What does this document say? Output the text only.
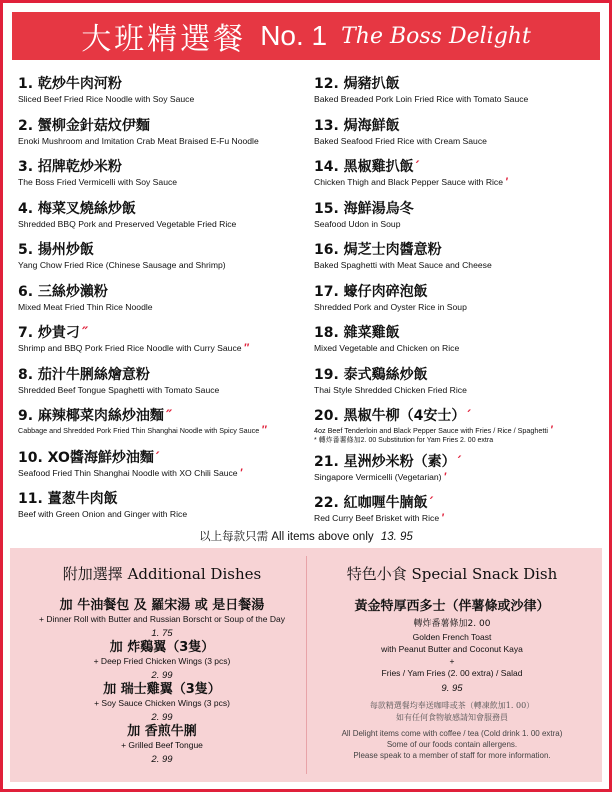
大班精選餐 No. 1 The Boss Delight
1. 乾炒牛肉河粉
Sliced Beef Fried Rice Noodle with Soy Sauce
2. 蟹柳金針菇炆伊麵
Enoki Mushroom and Imitation Crab Meat Braised E-Fu Noodle
3. 招牌乾炒米粉
The Boss Fried Vermicelli with Soy Sauce
4. 梅菜叉燒絲炒飯
Shredded BBQ Pork and Preserved Vegetable Fried Rice
5. 揚州炒飯
Yang Chow Fried Rice (Chinese Sausage and Shrimp)
6. 三絲炒瀨粉
Mixed Meat Fried Thin Rice Noodle
7. 炒貴刁 ″
Shrimp and BBQ Pork Fried Rice Noodle with Curry Sauce ″
8. 茄汁牛脷絲燴意粉
Shredded Beef Tongue Spaghetti with Tomato Sauce
9. 麻辣椰菜肉絲炒油麵 ″
Cabbage and Shredded Pork Fried Thin Shanghai Noodle with Spicy Sauce ″
10. XO醬海鮮炒油麵 ′
Seafood Fried Thin Shanghai Noodle with XO Chili Sauce ′
11. 薑葱牛肉飯
Beef with Green Onion and Ginger with Rice
12. 焗豬扒飯
Baked Breaded Pork Loin Fried Rice with Tomato Sauce
13. 焗海鮮飯
Baked Seafood Fried Rice with Cream Sauce
14. 黑椒雞扒飯 ′
Chicken Thigh and Black Pepper Sauce with Rice ′
15. 海鮮湯烏冬
Seafood Udon in Soup
16. 焗芝士肉醬意粉
Baked Spaghetti with Meat Sauce and Cheese
17. 蠔仔肉碎泡飯
Shredded Pork and Oyster Rice in Soup
18. 雜菜雞飯
Mixed Vegetable and Chicken on Rice
19. 泰式鷄絲炒飯
Thai Style Shredded Chicken Fried Rice
20. 黑椒牛柳（4安士） ′
4oz Beef Tenderloin and Black Pepper Sauce with Fries / Rice / Spaghetti ′
* 轉炸番薯條加2. 00 Substitution for Yam Fries 2. 00 extra
21. 星洲炒米粉（素） ′
Singapore Vermicelli (Vegetarian) ′
22. 紅咖喱牛腩飯 ′
Red Curry Beef Brisket with Rice ′
以上每款只需 All items above only 13. 95
附加選擇 Additional Dishes	特色小食 Special Snack Dish
加 牛油餐包 及 羅宋湯 或 是日餐湯
+ Dinner Roll with Butter and Russian Borscht or Soup of the Day
1. 75
加 炸鷄翼（3隻）
+ Deep Fried Chicken Wings (3 pcs)
2. 99
加 瑞士雞翼（3隻）
+ Soy Sauce Chicken Wings (3 pcs)
2. 99
加 香煎牛脷
+ Grilled Beef Tongue
2. 99
黃金特厚西多士（伴薯條或沙律）
轉炸番薯條加2. 00
Golden French Toast
with Peanut Butter and Coconut Kaya
+
Fries / Yam Fries (2. 00 extra) / Salad
9. 95
每款精選餐均奉送咖啡或茶（轉凍飲加1. 00）
如有任何食物敏感請知會服務員
All Delight items come with coffee / tea (Cold drink 1. 00 extra)
Some of our foods contain allergens.
Please speak to a member of staff for more information.
